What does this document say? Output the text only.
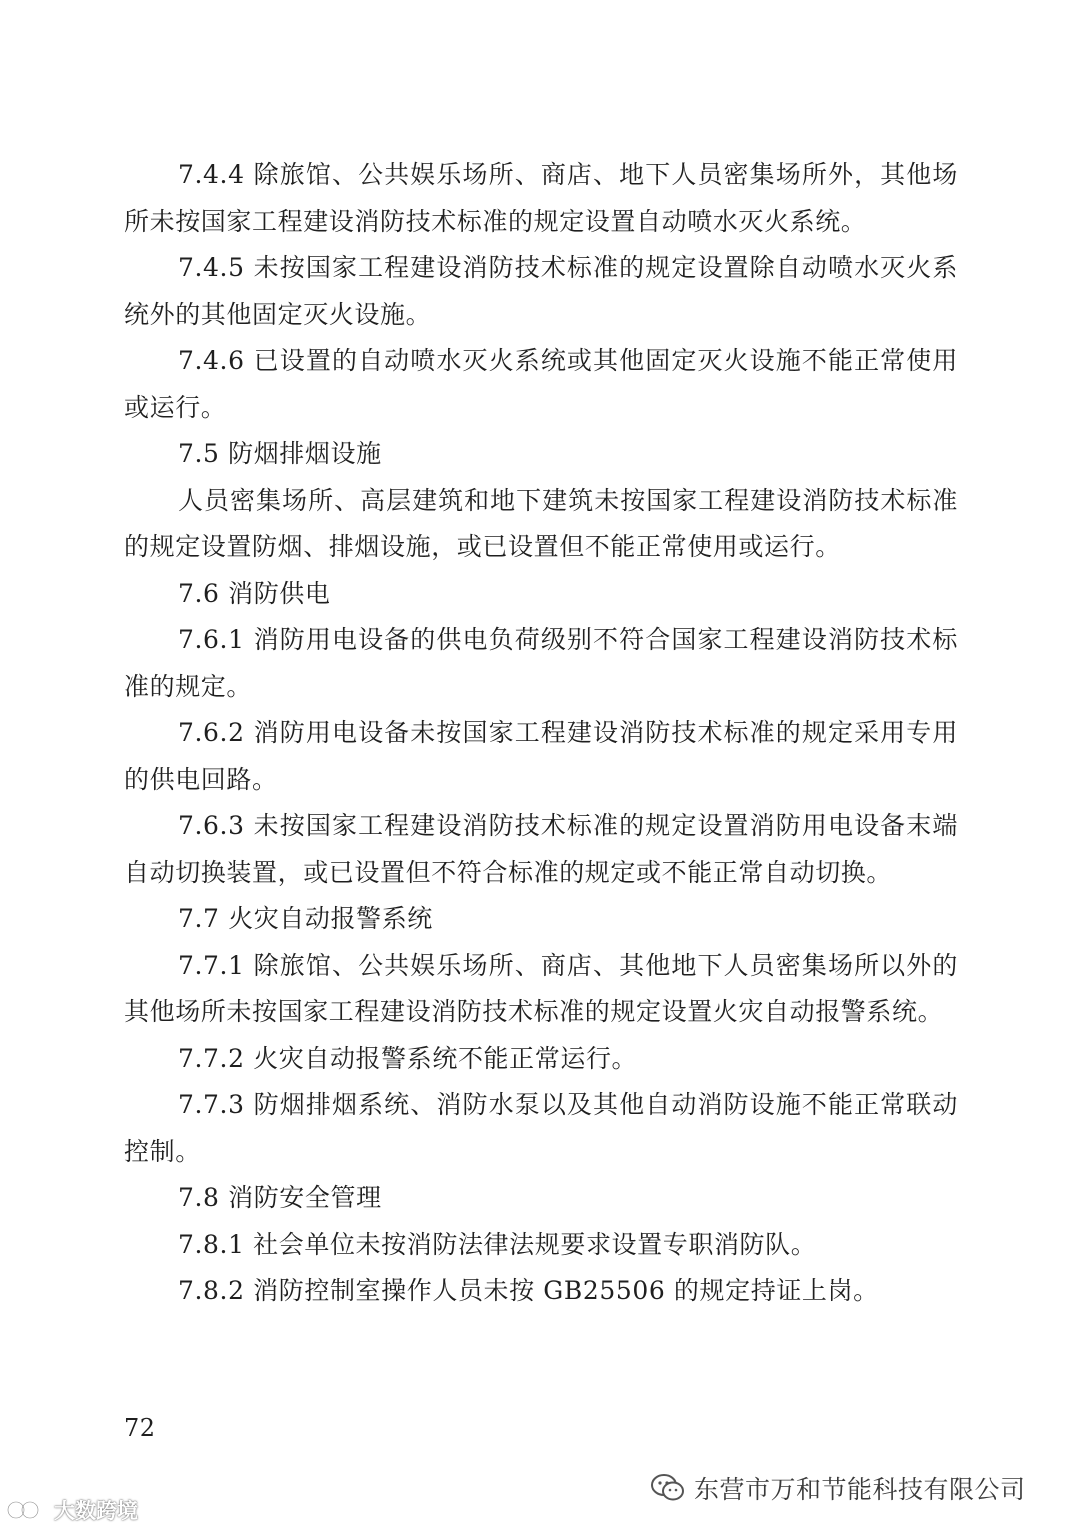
7.4.4 除旅馆、公共娱乐场所、商店、地下人员密集场所外，其他场所未按国家工程建设消防技术标准的规定设置自动喷水灭火系统。

7.4.5 未按国家工程建设消防技术标准的规定设置除自动喷水灭火系统外的其他固定灭火设施。

7.4.6 已设置的自动喷水灭火系统或其他固定灭火设施不能正常使用或运行。

7.5 防烟排烟设施

人员密集场所、高层建筑和地下建筑未按国家工程建设消防技术标准的规定设置防烟、排烟设施，或已设置但不能正常使用或运行。

7.6 消防供电

7.6.1 消防用电设备的供电负荷级别不符合国家工程建设消防技术标准的规定。

7.6.2 消防用电设备未按国家工程建设消防技术标准的规定采用专用的供电回路。

7.6.3 未按国家工程建设消防技术标准的规定设置消防用电设备末端自动切换装置，或已设置但不符合标准的规定或不能正常自动切换。

7.7 火灾自动报警系统

7.7.1 除旅馆、公共娱乐场所、商店、其他地下人员密集场所以外的其他场所未按国家工程建设消防技术标准的规定设置火灾自动报警系统。

7.7.2 火灾自动报警系统不能正常运行。

7.7.3 防烟排烟系统、消防水泵以及其他自动消防设施不能正常联动控制。

7.8 消防安全管理

7.8.1 社会单位未按消防法律法规要求设置专职消防队。

7.8.2 消防控制室操作人员未按 GB25506 的规定持证上岗。

72
东营市万和节能科技有限公司
大数跨境
